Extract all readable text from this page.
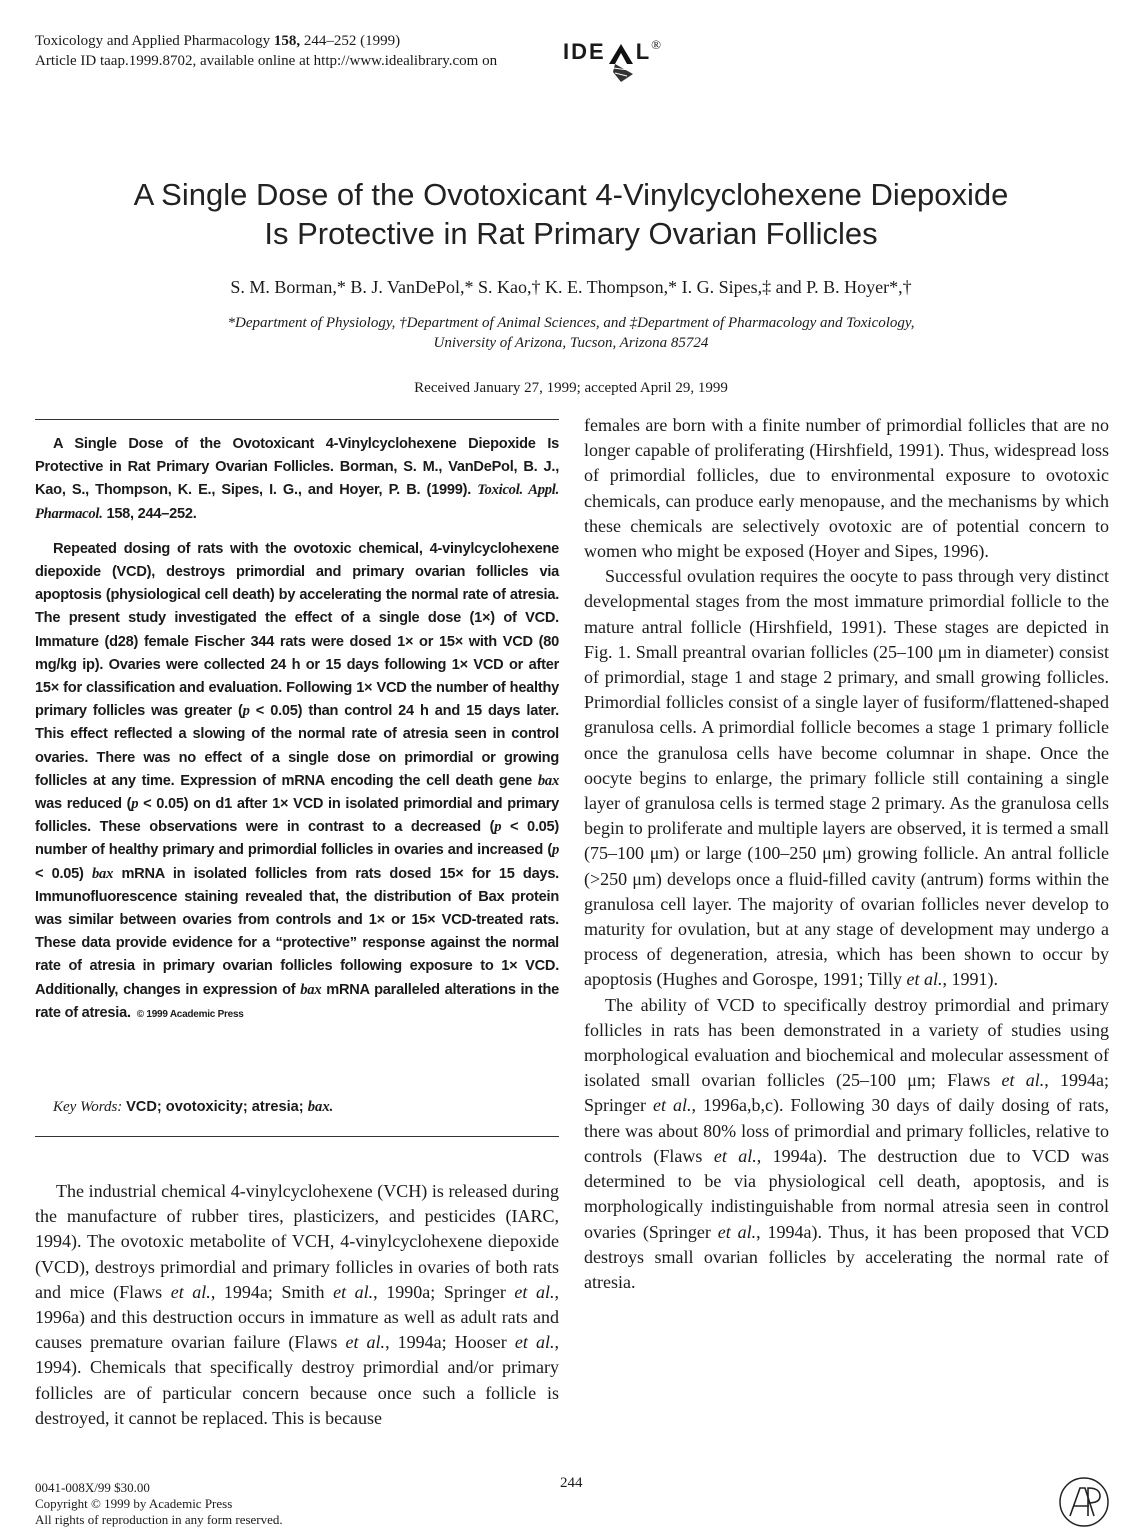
Toxicology and Applied Pharmacology 158, 244–252 (1999)
Article ID taap.1999.8702, available online at http://www.idealibrary.com on	IDE L ®
A Single Dose of the Ovotoxicant 4-Vinylcyclohexene Diepoxide
Is Protective in Rat Primary Ovarian Follicles
S. M. Borman,* B. J. VanDePol,* S. Kao,† K. E. Thompson,* I. G. Sipes,‡ and P. B. Hoyer*,†
*Department of Physiology, †Department of Animal Sciences, and ‡Department of Pharmacology and Toxicology,
University of Arizona, Tucson, Arizona 85724
Received January 27, 1999; accepted April 29, 1999

A Single Dose of the Ovotoxicant 4-Vinylcyclohexene Diepoxide Is Protective in Rat Primary Ovarian Follicles. Borman, S. M., VanDePol, B. J., Kao, S., Thompson, K. E., Sipes, I. G., and Hoyer, P. B. (1999). Toxicol. Appl. Pharmacol. 158, 244–252.

Repeated dosing of rats with the ovotoxic chemical, 4-vinylcyclohexene diepoxide (VCD), destroys primordial and primary ovarian follicles via apoptosis (physiological cell death) by accelerating the normal rate of atresia. The present study investigated the effect of a single dose (1×) of VCD. Immature (d28) female Fischer 344 rats were dosed 1× or 15× with VCD (80 mg/kg ip). Ovaries were collected 24 h or 15 days following 1× VCD or after 15× for classification and evaluation. Following 1× VCD the number of healthy primary follicles was greater (p < 0.05) than control 24 h and 15 days later. This effect reflected a slowing of the normal rate of atresia seen in control ovaries. There was no effect of a single dose on primordial or growing follicles at any time. Expression of mRNA encoding the cell death gene bax was reduced (p < 0.05) on d1 after 1× VCD in isolated primordial and primary follicles. These observations were in contrast to a decreased (p < 0.05) number of healthy primary and primordial follicles in ovaries and increased (p < 0.05) bax mRNA in isolated follicles from rats dosed 15× for 15 days. Immunofluorescence staining revealed that, the distribution of Bax protein was similar between ovaries from controls and 1× or 15× VCD-treated rats. These data provide evidence for a “protective” response against the normal rate of atresia in primary ovarian follicles following exposure to 1× VCD. Additionally, changes in expression of bax mRNA paralleled alterations in the rate of atresia. © 1999 Academic Press

Key Words: VCD; ovotoxicity; atresia; bax.

The industrial chemical 4-vinylcyclohexene (VCH) is released during the manufacture of rubber tires, plasticizers, and pesticides (IARC, 1994). The ovotoxic metabolite of VCH, 4-vinylcyclohexene diepoxide (VCD), destroys primordial and primary follicles in ovaries of both rats and mice (Flaws et al., 1994a; Smith et al., 1990a; Springer et al., 1996a) and this destruction occurs in immature as well as adult rats and causes premature ovarian failure (Flaws et al., 1994a; Hooser et al., 1994). Chemicals that specifically destroy primordial and/or primary follicles are of particular concern because once such a follicle is destroyed, it cannot be replaced. This is because

females are born with a finite number of primordial follicles that are no longer capable of proliferating (Hirshfield, 1991). Thus, widespread loss of primordial follicles, due to environmental exposure to ovotoxic chemicals, can produce early menopause, and the mechanisms by which these chemicals are selectively ovotoxic are of potential concern to women who might be exposed (Hoyer and Sipes, 1996).

Successful ovulation requires the oocyte to pass through very distinct developmental stages from the most immature primordial follicle to the mature antral follicle (Hirshfield, 1991). These stages are depicted in Fig. 1. Small preantral ovarian follicles (25–100 μm in diameter) consist of primordial, stage 1 and stage 2 primary, and small growing follicles. Primordial follicles consist of a single layer of fusiform/flattened-shaped granulosa cells. A primordial follicle becomes a stage 1 primary follicle once the granulosa cells have become columnar in shape. Once the oocyte begins to enlarge, the primary follicle still containing a single layer of granulosa cells is termed stage 2 primary. As the granulosa cells begin to proliferate and multiple layers are observed, it is termed a small (75–100 μm) or large (100–250 μm) growing follicle. An antral follicle (>250 μm) develops once a fluid-filled cavity (antrum) forms within the granulosa cell layer. The majority of ovarian follicles never develop to maturity for ovulation, but at any stage of development may undergo a process of degeneration, atresia, which has been shown to occur by apoptosis (Hughes and Gorospe, 1991; Tilly et al., 1991).

The ability of VCD to specifically destroy primordial and primary follicles in rats has been demonstrated in a variety of studies using morphological evaluation and biochemical and molecular assessment of isolated small ovarian follicles (25–100 μm; Flaws et al., 1994a; Springer et al., 1996a,b,c). Following 30 days of daily dosing of rats, there was about 80% loss of primordial and primary follicles, relative to controls (Flaws et al., 1994a). The destruction due to VCD was determined to be via physiological cell death, apoptosis, and is morphologically indistinguishable from normal atresia seen in control ovaries (Springer et al., 1994a). Thus, it has been proposed that VCD destroys small ovarian follicles by accelerating the normal rate of atresia.

0041-008X/99 $30.00
Copyright © 1999 by Academic Press
All rights of reproduction in any form reserved.
244
